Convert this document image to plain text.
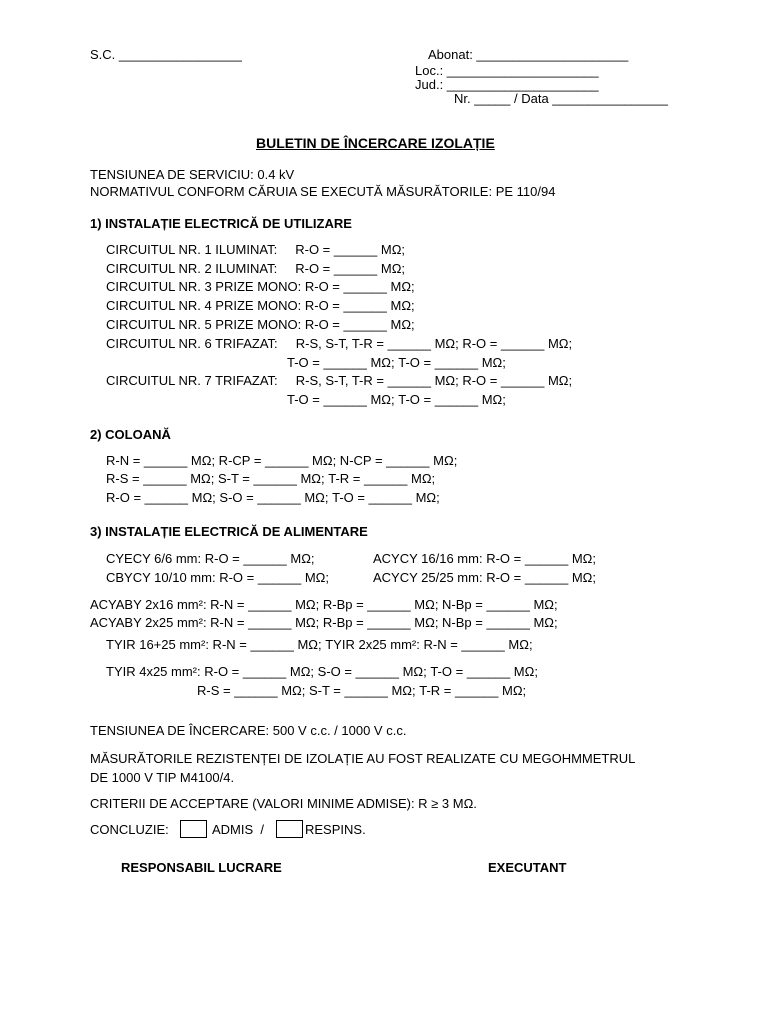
S.C. _________________	Abonat: _____________________
Loc.: _____________________
Jud.: _____________________
Nr. _____ / Data ________________
BULETIN DE ÎNCERCARE IZOLAȚIE
TENSIUNEA DE SERVICIU: 0.4 kV
NORMATIVUL CONFORM CĂRUIA SE EXECUTĂ MĂSURĂTORILE: PE 110/94
1) INSTALAȚIE ELECTRICĂ DE UTILIZARE
CIRCUITUL NR. 1 ILUMINAT:     R-O = ______ MΩ;
CIRCUITUL NR. 2 ILUMINAT:     R-O = ______ MΩ;
CIRCUITUL NR. 3 PRIZE MONO: R-O = ______ MΩ;
CIRCUITUL NR. 4 PRIZE MONO: R-O = ______ MΩ;
CIRCUITUL NR. 5 PRIZE MONO: R-O = ______ MΩ;
CIRCUITUL NR. 6 TRIFAZAT:     R-S, S-T, T-R = ______ MΩ; R-O = ______ MΩ;
T-O = ______ MΩ; T-O = ______ MΩ;
CIRCUITUL NR. 7 TRIFAZAT:     R-S, S-T, T-R = ______ MΩ; R-O = ______ MΩ;
T-O = ______ MΩ; T-O = ______ MΩ;
2) COLOANĂ
R-N = ______ MΩ; R-CP = ______ MΩ; N-CP = ______ MΩ;
R-S = ______ MΩ; S-T = ______ MΩ; T-R = ______ MΩ;
R-O = ______ MΩ; S-O = ______ MΩ; T-O = ______ MΩ;
3) INSTALAȚIE ELECTRICĂ DE ALIMENTARE
CYECY 6/6 mm: R-O = ______ MΩ;	ACYCY 16/16 mm: R-O = ______ MΩ;
CBYCY 10/10 mm: R-O = ______ MΩ;	ACYCY 25/25 mm: R-O = ______ MΩ;
ACYABY 2x16 mm²: R-N = ______ MΩ; R-Bp = ______ MΩ; N-Bp = ______ MΩ;
ACYABY 2x25 mm²: R-N = ______ MΩ; R-Bp = ______ MΩ; N-Bp = ______ MΩ;
TYIR 16+25 mm²: R-N = ______ MΩ; TYIR 2x25 mm²: R-N = ______ MΩ;
TYIR 4x25 mm²: R-O = ______ MΩ; S-O = ______ MΩ; T-O = ______ MΩ;
R-S = ______ MΩ; S-T = ______ MΩ; T-R = ______ MΩ;
TENSIUNEA DE ÎNCERCARE: 500 V c.c. / 1000 V c.c.
MĂSURĂTORILE REZISTENȚEI DE IZOLAȚIE AU FOST REALIZATE CU MEGOHMMETRUL
DE 1000 V TIP M4100/4.
CRITERII DE ACCEPTARE (VALORI MINIME ADMISE): R ≥ 3 MΩ.
CONCLUZIE:	ADMIS  /	RESPINS.
RESPONSABIL LUCRARE	EXECUTANT
